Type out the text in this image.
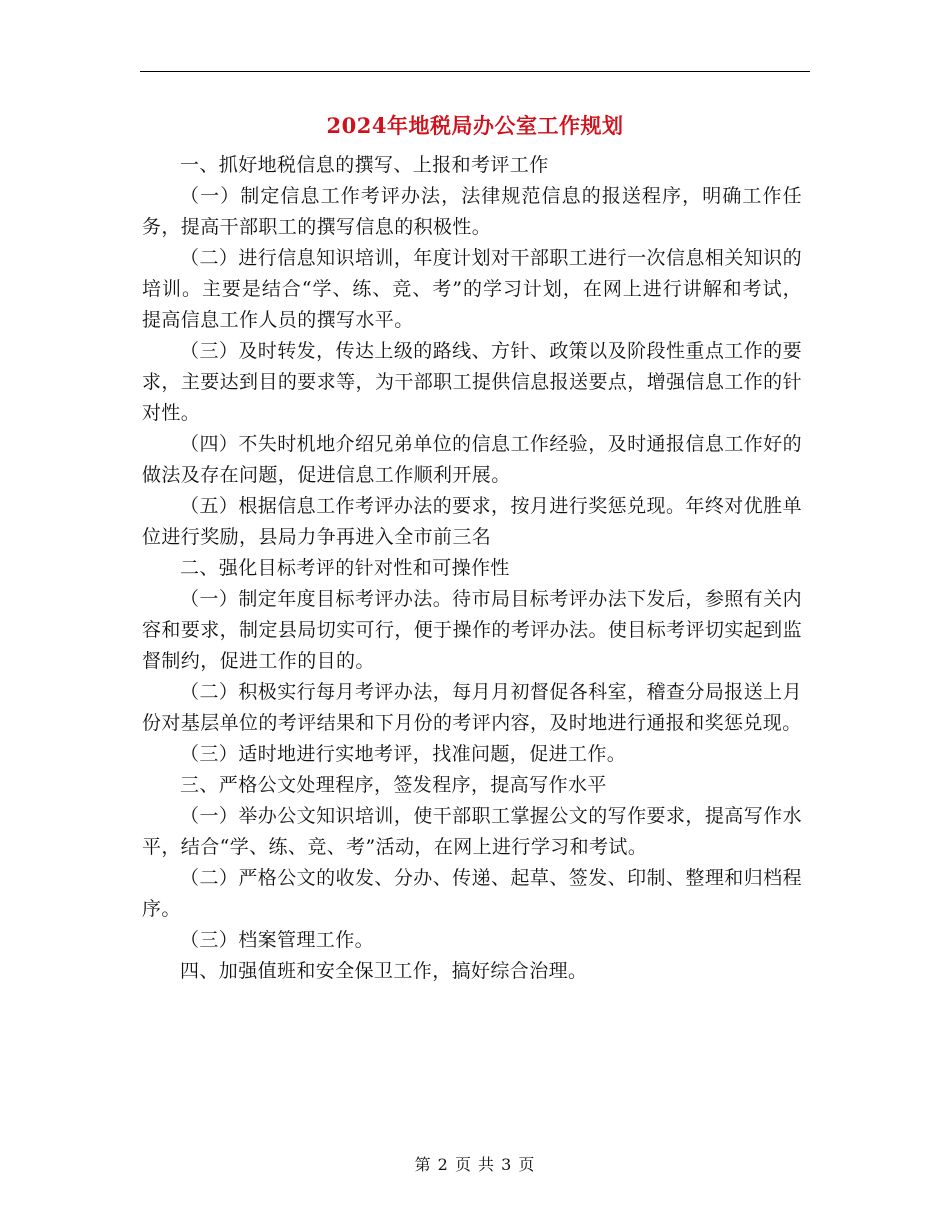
2024年地税局办公室工作规划

一、抓好地税信息的撰写、上报和考评工作

（一）制定信息工作考评办法，法律规范信息的报送程序，明确工作任务，提高干部职工的撰写信息的积极性。

（二）进行信息知识培训，年度计划对干部职工进行一次信息相关知识的培训。主要是结合“学、练、竞、考”的学习计划，在网上进行讲解和考试，提高信息工作人员的撰写水平。

（三）及时转发，传达上级的路线、方针、政策以及阶段性重点工作的要求，主要达到目的要求等，为干部职工提供信息报送要点，增强信息工作的针对性。

（四）不失时机地介绍兄弟单位的信息工作经验，及时通报信息工作好的做法及存在问题，促进信息工作顺利开展。

（五）根据信息工作考评办法的要求，按月进行奖惩兑现。年终对优胜单位进行奖励，县局力争再进入全市前三名

二、强化目标考评的针对性和可操作性

（一）制定年度目标考评办法。待市局目标考评办法下发后，参照有关内容和要求，制定县局切实可行，便于操作的考评办法。使目标考评切实起到监督制约，促进工作的目的。

（二）积极实行每月考评办法，每月月初督促各科室，稽查分局报送上月份对基层单位的考评结果和下月份的考评内容，及时地进行通报和奖惩兑现。

（三）适时地进行实地考评，找准问题，促进工作。

三、严格公文处理程序，签发程序，提高写作水平

（一）举办公文知识培训，使干部职工掌握公文的写作要求，提高写作水平，结合“学、练、竞、考”活动，在网上进行学习和考试。

（二）严格公文的收发、分办、传递、起草、签发、印制、整理和归档程序。

（三）档案管理工作。

四、加强值班和安全保卫工作，搞好综合治理。

第 2 页 共 3 页
